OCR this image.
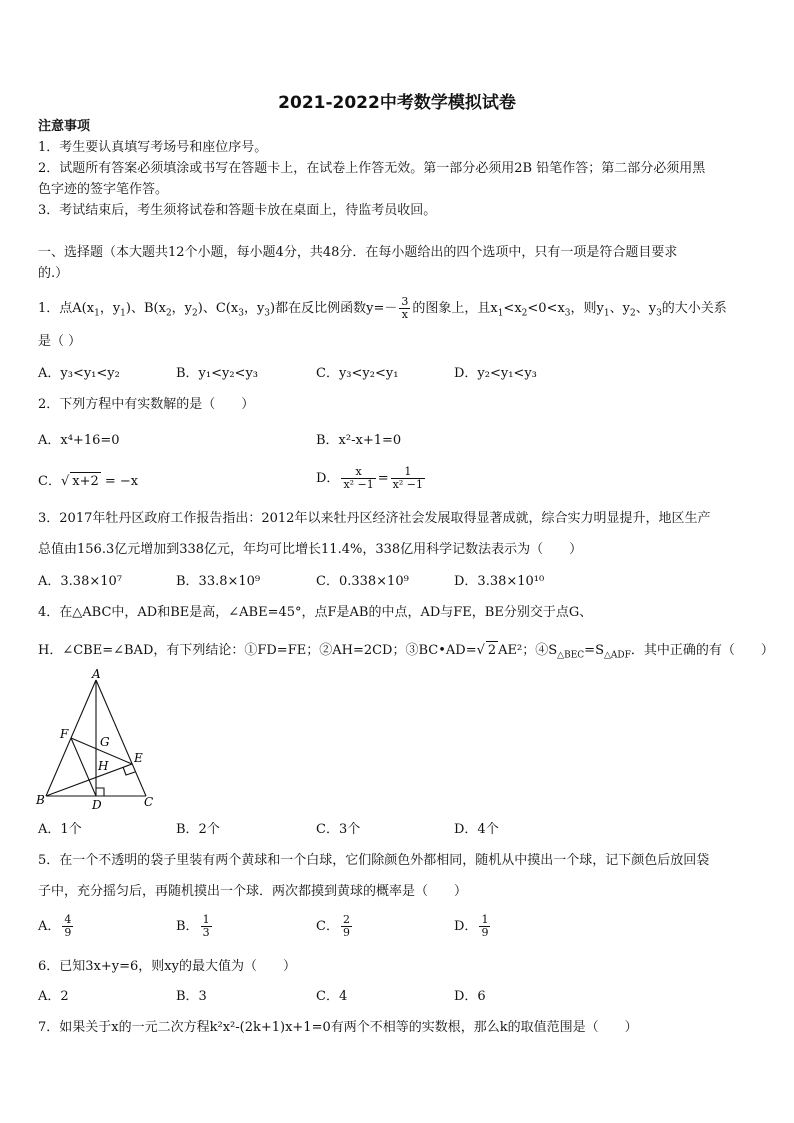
2021-2022中考数学模拟试卷
注意事项
1．考生要认真填写考场号和座位序号。
2．试题所有答案必须填涂或书写在答题卡上，在试卷上作答无效。第一部分必须用2B 铅笔作答；第二部分必须用黑
色字迹的签字笔作答。
3．考试结束后，考生须将试卷和答题卡放在桌面上，待监考员收回。
一、选择题（本大题共12个小题，每小题4分，共48分．在每小题给出的四个选项中，只有一项是符合题目要求
的.）
1．点$A(x_1$，$y_1$)、$B(x_2$，$y_2$)、$C(x_3$，$y_3$)都在反比例函数$y=- \frac{3}{x}$ 的图象上，且$x_1<x_2<0<x_3$，则$y_1$、$y_2$、$y_3$的大小关系
是（ ）
A．y₃<y₁<y₂	B．y₁<y₂<y₃	C．y₃<y₂<y₁	D．y₂<y₁<y₃
2．下列方程中有实数解的是（　　）
A．x⁴+16=0	B．x²-x+1=0
C．√ x+2 = −x	D． $\frac{x}{\text{x² −1}} = \frac{1}{\text{x² −1}}$
3．2017年牡丹区政府工作报告指出：2012年以来牡丹区经济社会发展取得显著成就，综合实力明显提升，地区生产
总值由156.3亿元增加到338亿元，年均可比增长11.4%，338亿用科学记数法表示为（　　）
A．3.38×10⁷	B．33.8×10⁹	C．0.338×10⁹	D．3.38×10¹⁰
4．在△ABC中，AD和BE是高，∠ABE=45°，点F是AB的中点，AD与FE，BE分别交于点G、
H．∠CBE=∠BAD，有下列结论：①FD=FE；②AH=2CD；③BC•AD=√ 2 AE²；$④S_{\triangle BEC}=S_{\triangle ADF}$．其中正确的有（　　）
A
F
G
E
H
B	D	C
A．1个	B．2个	C．3个	D．4个
5．在一个不透明的袋子里装有两个黄球和一个白球，它们除颜色外都相同，随机从中摸出一个球，记下颜色后放回袋
子中，充分摇匀后，再随机摸出一个球．两次都摸到黄球的概率是（　　）
A． $\frac{4}{9}$	B． $\frac{1}{3}$	C． $\frac{2}{9}$	D． $\frac{1}{9}$
6．已知3x+y=6，则xy的最大值为（　　）
A．2	B．3	C．4	D．6
7．如果关于x的一元二次方程k²x²-(2k+1)x+1=0有两个不相等的实数根，那么k的取值范围是（　　）
